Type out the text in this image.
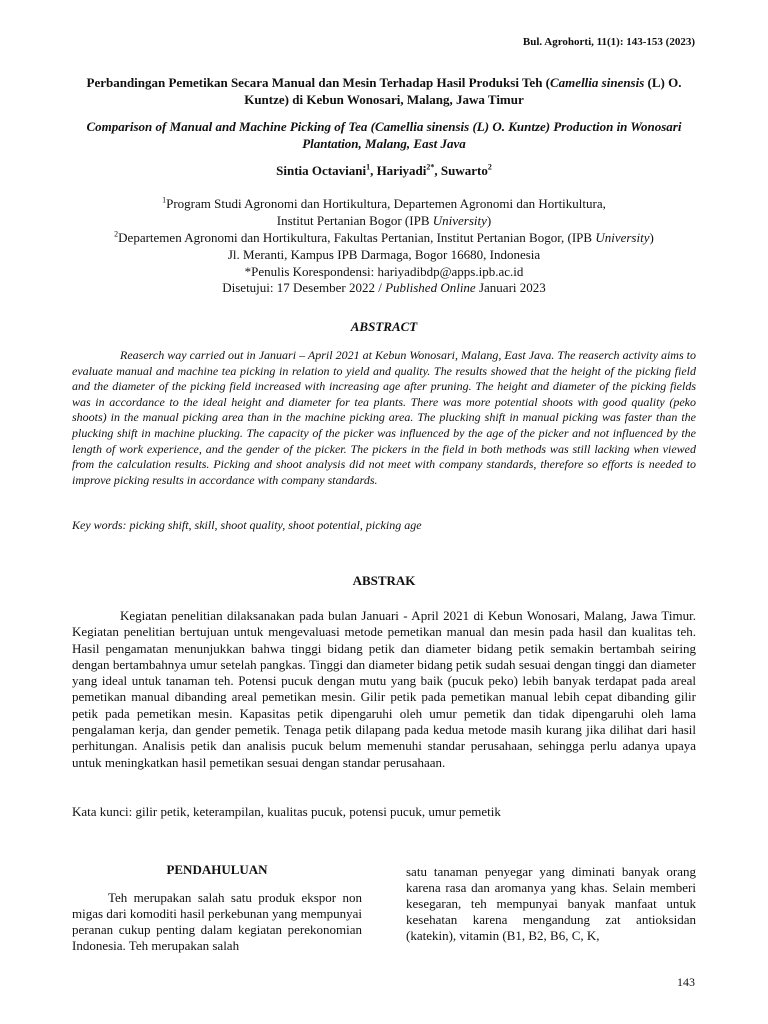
Bul. Agrohorti, 11(1): 143-153 (2023)
Perbandingan Pemetikan Secara Manual dan Mesin Terhadap Hasil Produksi Teh (Camellia sinensis (L) O. Kuntze) di Kebun Wonosari, Malang, Jawa Timur
Comparison of Manual and Machine Picking of Tea (Camellia sinensis (L) O. Kuntze) Production in Wonosari Plantation, Malang, East Java
Sintia Octaviani$^1$, Hariyadi$^{2*}$, Suwarto$^2$
$^1$Program Studi Agronomi dan Hortikultura, Departemen Agronomi dan Hortikultura,
Institut Pertanian Bogor (IPB University)
$^2$Departemen Agronomi dan Hortikultura, Fakultas Pertanian, Institut Pertanian Bogor, (IPB University)
Jl. Meranti, Kampus IPB Darmaga, Bogor 16680, Indonesia
*Penulis Korespondensi: hariyadibdp@apps.ipb.ac.id
Disetujui: 17 Desember 2022 / Published Online Januari 2023
ABSTRACT
Reaserch way carried out in Januari – April 2021 at Kebun Wonosari, Malang, East Java. The reaserch activity aims to evaluate manual and machine tea picking in relation to yield and quality. The results showed that the height of the picking field and the diameter of the picking field increased with increasing age after pruning. The height and diameter of the picking fields was in accordance to the ideal height and diameter for tea plants. There was more potential shoots with good quality (peko shoots) in the manual picking area than in the machine picking area. The plucking shift in manual picking was faster than the plucking shift in machine plucking. The capacity of the picker was influenced by the age of the picker and not influenced by the length of work experience, and the gender of the picker. The pickers in the field in both methods was still lacking when viewed from the calculation results. Picking and shoot analysis did not meet with company standards, therefore so efforts is needed to improve picking results in accordance with company standards.
Key words: picking shift, skill, shoot quality, shoot potential, picking age
ABSTRAK
Kegiatan penelitian dilaksanakan pada bulan Januari - April 2021 di Kebun Wonosari, Malang, Jawa Timur. Kegiatan penelitian bertujuan untuk mengevaluasi metode pemetikan manual dan mesin pada hasil dan kualitas teh. Hasil pengamatan menunjukkan bahwa tinggi bidang petik dan diameter bidang petik semakin bertambah seiring dengan bertambahnya umur setelah pangkas. Tinggi dan diameter bidang petik sudah sesuai dengan tinggi dan diameter yang ideal untuk tanaman teh. Potensi pucuk dengan mutu yang baik (pucuk peko) lebih banyak terdapat pada areal pemetikan manual dibanding areal pemetikan mesin. Gilir petik pada pemetikan manual lebih cepat dibanding gilir petik pada pemetikan mesin. Kapasitas petik dipengaruhi oleh umur pemetik dan tidak dipengaruhi oleh lama pengalaman kerja, dan gender pemetik. Tenaga petik dilapang pada kedua metode masih kurang jika dilihat dari hasil perhitungan. Analisis petik dan analisis pucuk belum memenuhi standar perusahaan, sehingga perlu adanya upaya untuk meningkatkan hasil pemetikan sesuai dengan standar perusahaan.
Kata kunci: gilir petik, keterampilan, kualitas pucuk, potensi pucuk, umur pemetik
PENDAHULUAN
Teh merupakan salah satu produk ekspor non migas dari komoditi hasil perkebunan yang mempunyai peranan cukup penting dalam kegiatan perekonomian Indonesia. Teh merupakan salah
satu tanaman penyegar yang diminati banyak orang karena rasa dan aromanya yang khas. Selain memberi kesegaran, teh mempunyai banyak manfaat untuk kesehatan karena mengandung zat antioksidan (katekin), vitamin (B1, B2, B6, C, K,
143
